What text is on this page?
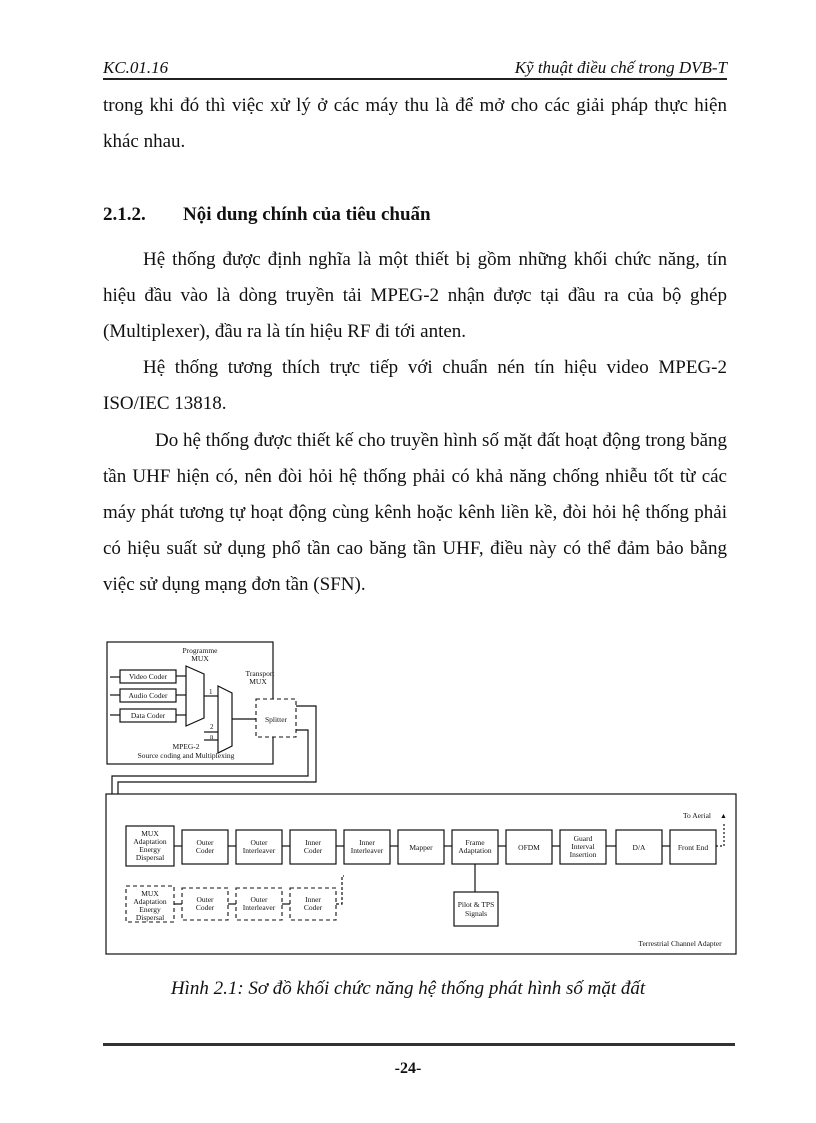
KC.01.16	Kỹ thuật điều chế trong DVB-T
trong khi đó thì việc xử lý ở các máy thu là để mở cho các giải pháp thực hiện khác nhau.
2.1.2. Nội dung chính của tiêu chuẩn
Hệ thống được định nghĩa là một thiết bị gồm những khối chức năng, tín hiệu đầu vào là dòng truyền tải MPEG-2 nhận được tại đầu ra của bộ ghép (Multiplexer), đầu ra là tín hiệu RF đi tới anten.
Hệ thống tương thích trực tiếp với chuẩn nén tín hiệu video MPEG-2 ISO/IEC 13818.
Do hệ thống được thiết kế cho truyền hình số mặt đất hoạt động trong băng tần UHF hiện có, nên đòi hỏi hệ thống phải có khả năng chống nhiễu tốt từ các máy phát tương tự hoạt động cùng kênh hoặc kênh liền kề, đòi hỏi hệ thống phải có hiệu suất sử dụng phổ tần cao băng tần UHF, điều này có thể đảm bảo bằng việc sử dụng mạng đơn tần (SFN).
Programme
MUX
Transport
MUX
Video Coder
Audio Coder
Data Coder
1
2
n
Splitter
MPEG-2
Source coding and Multiplexing
To Aerial ▲
Terrestrial Channel Adapter
MUX
Adaptation
Energy
Dispersal
Outer
Coder
Outer
Interleaver
Inner
Coder
Inner
Interleaver	Mapper
Frame
Adaptation	OFDM
Guard
Interval
Insertion
D/A	Front End
Pilot & TPS
Signals
MUX
Adaptation
Energy
Dispersal
Outer
Coder
Outer
Interleaver
Inner
Coder
Hình 2.1: Sơ đồ khối chức năng hệ thống phát hình số mặt đất
-24-
